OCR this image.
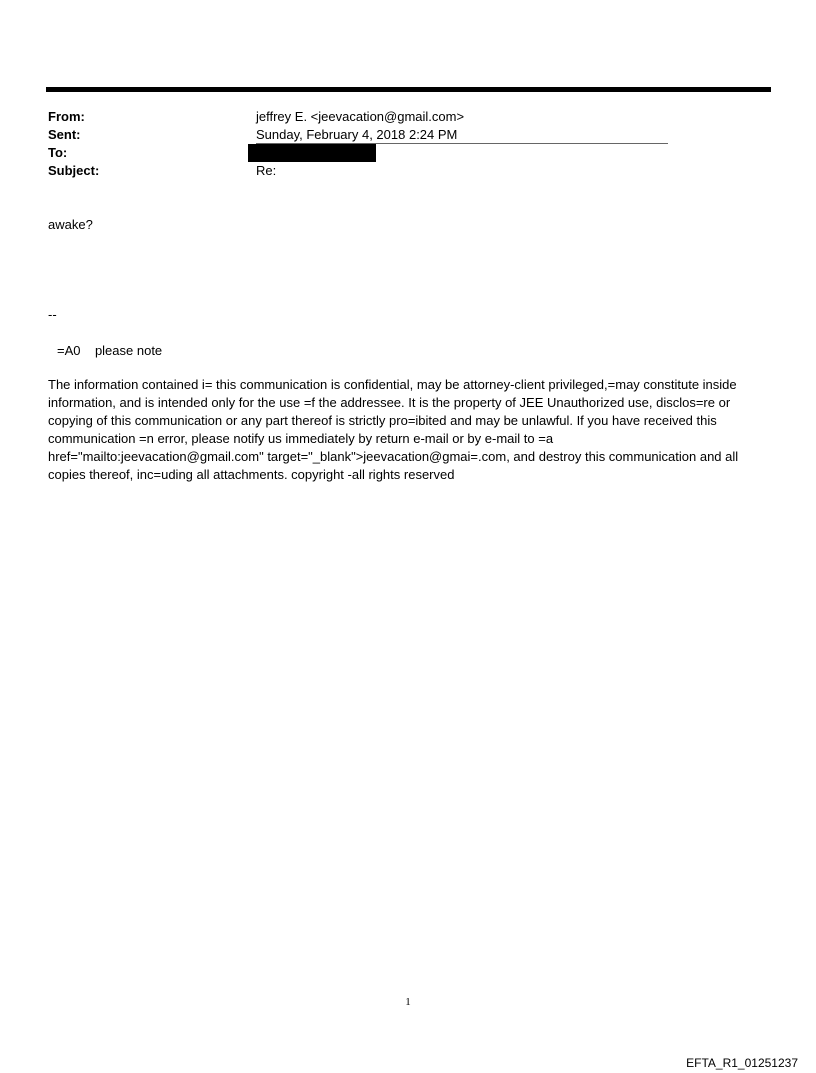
From:	jeffrey E. <jeevacation@gmail.com>
Sent:	Sunday, February 4, 2018 2:24 PM
To:
Subject:	Re:
awake?
--
=A0    please note
The information contained i= this communication is confidential, may be attorney-client privileged,=may constitute inside information, and is intended only for the use =f the addressee. It is the property of JEE Unauthorized use, disclos=re or copying of this communication or any part thereof is strictly pro=ibited and may be unlawful. If you have received this communication =n error, please notify us immediately by return e-mail or by e-mail to =a href="mailto:jeevacation@gmail.com" target="_blank">jeevacation@gmai=.com, and destroy this communication and all copies thereof, inc=uding all attachments. copyright -all rights reserved
1
EFTA_R1_01251237
